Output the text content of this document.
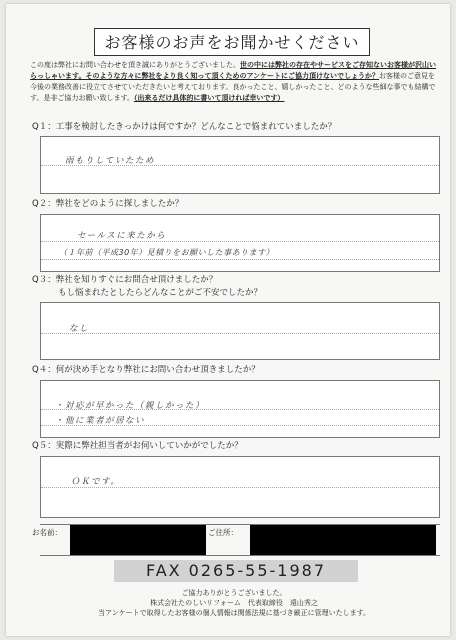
お客様のお声をお聞かせください
この度は弊社にお問い合わせを頂き誠にありがとうございました。世の中には弊社の存在やサービスをご存知ないお客様が沢山いらっしゃいます。そのような方々に弊社をより良く知って頂くためのアンケートにご協力頂けないでしょうか？お客様のご意見を今後の業務改善に役立てさせていただきたいと考えております。良かったこと、嬉しかったこと、どのような些細な事でも結構です。是非ご協力お願い致します。（出来るだけ具体的に書いて頂ければ幸いです）
Q１：工事を検討したきっかけは何ですか？どんなことで悩まれていましたか？
雨もりしていたため
Q２：弊社をどのように探しましたか？
セールスに来たから
（１年前（平成30年）見積りをお願いした事あります）
Q３：弊社を知りすぐにお問合せ頂けましたか？
もし悩まれたとしたらどんなことがご不安でしたか？
なし
Q４：何が決め手となり弊社にお問い合わせ頂きましたか？
・対応が早かった（親しかった）
・他に業者が居ない
Q５：実際に弊社担当者がお伺いしていかがでしたか？
ＯＫです。
お名前：	ご住所：
FAX 0265-55-1987
ご協力ありがとうございました。
株式会社たのしいリフォーム　代表取締役　遠山秀之
当アンケートで取得したお客様の個人情報は関係法規に基づき厳正に管理いたします。
